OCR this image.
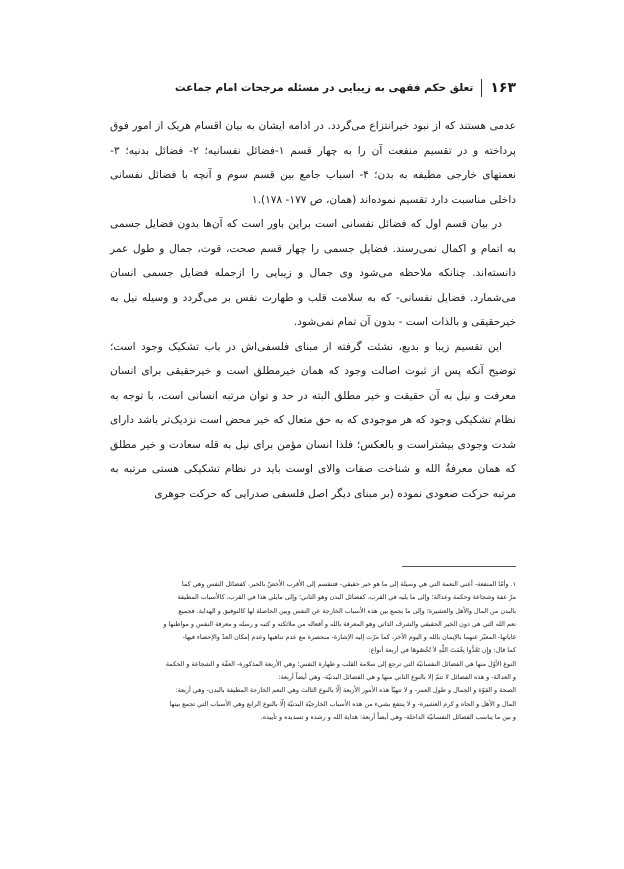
۱۶۳
تعلق حکم فقهی به زیبایی در مسئله مرجحات امام جماعت

عدمی هستند که از نبود خیرانتزاع می‌گردد. در ادامه ایشان به بیان اقسام هریک از امور فوق پرداخته و در تقسیم منفعت آن را به چهار قسم ۱-فضائل نفسانیه؛ ۲- فضائل بدنیه؛ ۳- نعمتهای خارجی مطیفه به بدن؛ ۴- اسباب جامع بین قسم سوم و آنچه با فضائل نفسانی داخلی مناسبت دارد تقسیم نموده‌اند (همان، ص ۱۷۷- ۱۷۸).۱

در بیان قسم اول که فضائل نفسانی است براین باور است که آن‌ها بدون فضایل جسمی به اتمام و اکمال نمی‌رسند. فضایل جسمی را چهار قسم صحت، قوت، جمال و طول عمر دانسته‌اند. چنانکه ملاحظه می‌شود وی جمال و زیبایی را ازجمله فضایل جسمی انسان می‌شمارد. فضایل نفسانی- که به سلامت قلب و طهارت نفس بر می‌گردد و وسیله نیل به خیرحقیقی و بالذات است - بدون آن تمام نمی‌شود.

این تقسیم زیبا و بدیع، نشئت گرفته از مبنای فلسفی‌اش در باب تشکیک وجود است؛ توضیح آنکه پس از ثبوت اصالت وجود که همان خیرمطلق است و خیرحقیقی برای انسان معرفت و نیل به آن حقیقت و خیر مطلق البته در حد و توان مرتبه انسانی است، با توجه به نظام تشکیکی وجود که هر موجودی که به حق متعال که خیر محض است نزدیک‌تر باشد دارای شدت وجودی بیشتراست و بالعکس؛ فلذا انسان مؤمن برای نیل به قله سعادت و خیر مطلق که همان معرفةُ الله و شناخت صفات والای اوست باید در نظام تشکیکی هستی مرتبه به مرتبه حرکت صعودی نموده (بر مبنای دیگر اصل فلسفی صدرایی که حرکت جوهری

۱. وأمّا المنفعة- أعني النعمة التي هي وسيلة إلى ما هو خير حقيقي- فتنقسم إلى الأقرب الأخصّ بالخير، كفضائل النفس وهي كما

مرّ عفة وشجاعة وحكمة وعدالة؛ وإلى ما يليه في القرب، كفضائل البدن وهو الثاني؛ وإلى مايلي هذا في القرب، كالأسباب المطيفة

بالبدن من المال والأهل والعشيرة؛ وإلى ما يجمع بين هذه الأسباب الخارجة عن النفس وبين الحاصلة لها كالتوفيق و الهداية. فجميع

نعم الله التي هي دون الخير الحقيقي والشرف الذاتي وهو المعرفة بالله و أفعاله من ملائكته و كتبه و رسله و معرفة النفس و مواطنها و

غاياتها- المعبّر عنهما بالإيمان بالله و اليوم الآخر، كما مرّت إليه الإشارة- منحصرة مع عدم تناهيها وعدم إمكان العدّ والإحصاء فيها-

كما قال: وَإِن تَعُدُّوا نِعْمَتَ اللَّهِ لاَ تُحْصُوهَا في أربعة أنواع:

النوع الأوّل منها هي الفضائل النفسانيّة التي ترجع إلى سلامة القلب و طهارة النفس؛ وهي الأربعة المذكورة- العفّة و الشجاعة و الحكمة

و العدالة- و هذه الفضائل لا تتمّ إلا بالنوع الثاني منها و هي الفضائل البدنيّة- وهي أيضاً أربعة:

الصحة و القوّة و الجمال و طول العمر- و لا تتهيّأ هذه الأمور الأربعة إلّا بالنوع الثالث وهي النعم الخارجة المطيفة بالبدن- وهي أربعة:

المال و الأهل و الجاه و كرم العشيرة- و لا ينتفع بشيء من هذه الأسباب الخارجيّة البدنيّة إلّا بالنوع الرابع وهي الأسباب التي تجمع بينها

و بين ما يناسب الفضائل النفسانيّة الداخلة- وهي أيضاً أربعة: هداية الله و رشده و تسديده و تأييده.
